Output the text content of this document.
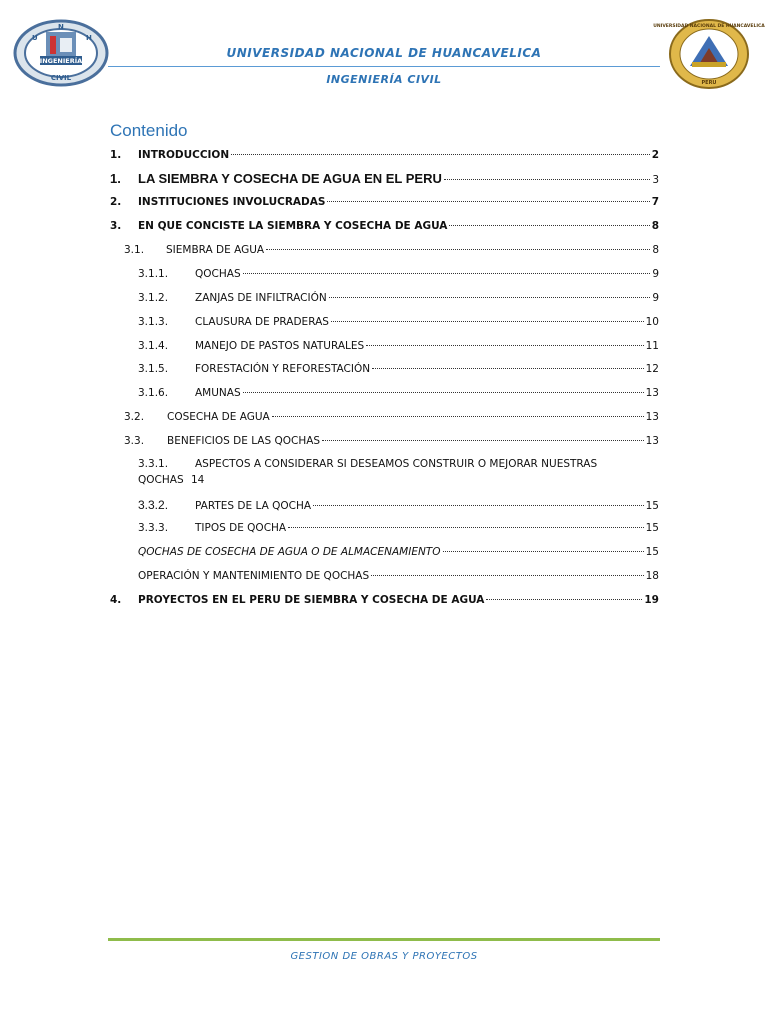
INGENIERÍA
U
N
H
CIVIL
UNIVERSIDAD NACIONAL DE HUANCAVELICA
INGENIERÍA CIVIL
UNIVERSIDAD NACIONAL DE HUANCAVELICA
PERU
Contenido
1.	INTRODUCCION	2
1.	LA SIEMBRA Y COSECHA DE AGUA EN EL PERU	3
2.	INSTITUCIONES INVOLUCRADAS	7
3.	EN QUE CONCISTE LA SIEMBRA Y COSECHA DE AGUA	8
3.1.	SIEMBRA DE AGUA	8
3.1.1.	QOCHAS	9
3.1.2.	ZANJAS DE INFILTRACIÓN	9
3.1.3.	CLAUSURA DE PRADERAS	10
3.1.4.	MANEJO DE PASTOS NATURALES	11
3.1.5.	FORESTACIÓN Y REFORESTACIÓN	12
3.1.6.	AMUNAS	13
3.2.	COSECHA DE AGUA	13
3.3.	BENEFICIOS DE LAS QOCHAS	13
3.3.1.	ASPECTOS A CONSIDERAR SI DESEAMOS CONSTRUIR O MEJORAR NUESTRAS
QOCHAS 14
3.3.2.	PARTES DE LA QOCHA	15
3.3.3.	TIPOS DE QOCHA	15
QOCHAS DE COSECHA DE AGUA O DE ALMACENAMIENTO	15
OPERACIÓN Y MANTENIMIENTO DE QOCHAS	18
4.	PROYECTOS EN EL PERU DE SIEMBRA Y COSECHA DE AGUA	19
GESTION DE OBRAS Y PROYECTOS
